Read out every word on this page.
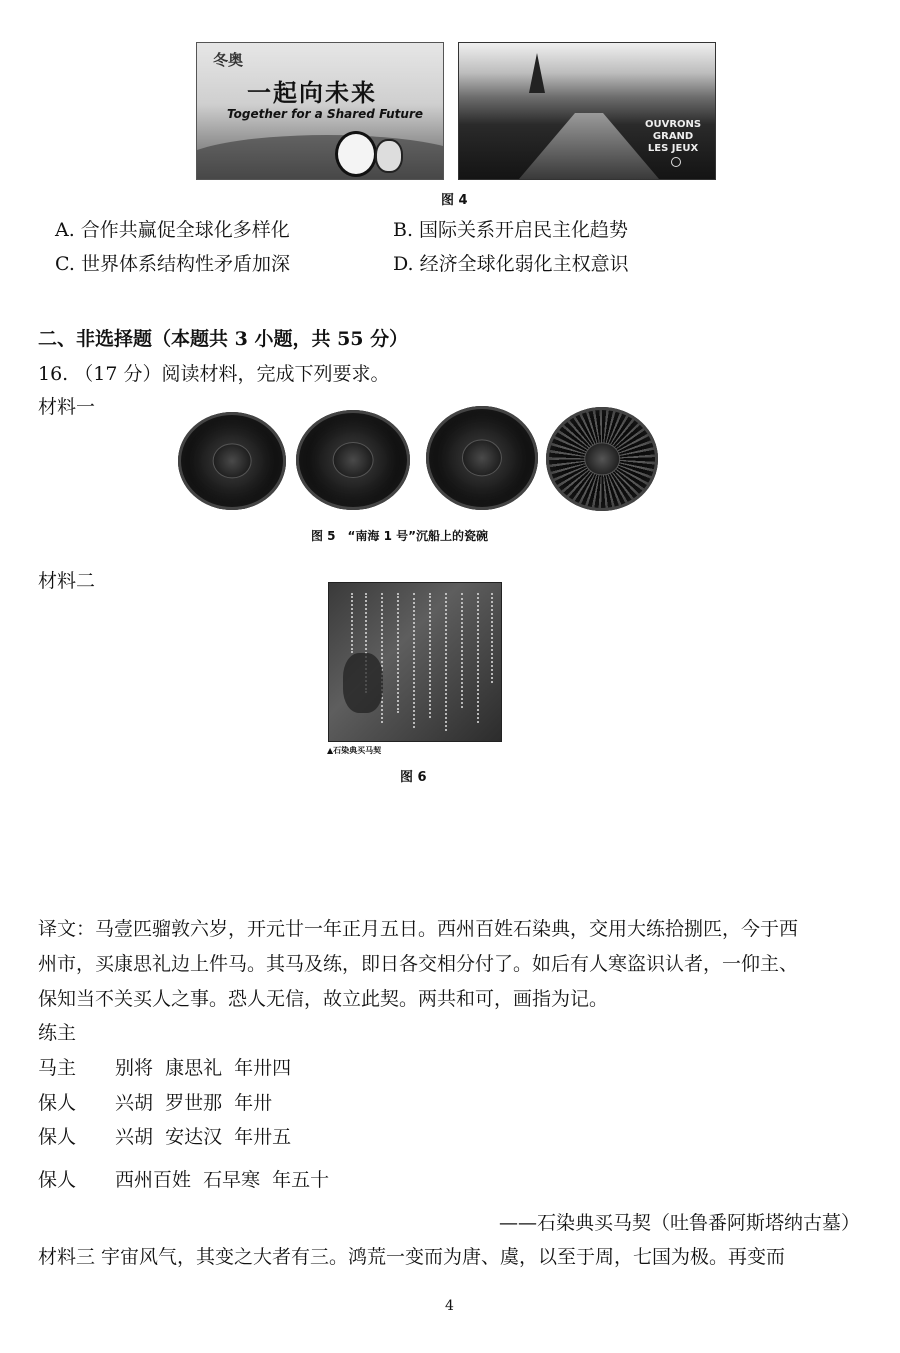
冬奥
一起向未来
Together for a Shared Future
OUVRONS
GRAND
LES JEUX
图 4
A. 合作共赢促全球化多样化	B. 国际关系开启民主化趋势
C. 世界体系结构性矛盾加深	D. 经济全球化弱化主权意识
二、非选择题（本题共 3 小题，共 55 分）
16. （17 分）阅读材料，完成下列要求。
材料一
图 5　“南海 1 号”沉船上的瓷碗
材料二
▲石染典买马契
图 6
译文：马壹匹骝敦六岁，开元廿一年正月五日。西州百姓石染典，交用大练拾捌匹，今于西
州市，买康思礼边上件马。其马及练，即日各交相分付了。如后有人寒盗识认者，一仰主、
保知当不关买人之事。恐人无信，故立此契。两共和可，画指为记。
练主
马主 别将  康思礼  年卅四
保人 兴胡  罗世那  年卅
保人 兴胡  安达汉  年卅五
保人 西州百姓  石早寒  年五十
——石染典买马契（吐鲁番阿斯塔纳古墓）
材料三 宇宙风气，其变之大者有三。鸿荒一变而为唐、虞，以至于周，七国为极。再变而
4
